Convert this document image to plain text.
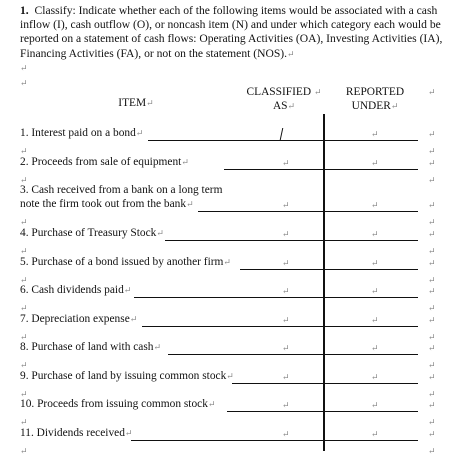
1. Classify: Indicate whether each of the following items would be associated with a cash inflow (I), cash outflow (O), or noncash item (N) and under which category each would be reported on a statement of cash flows: Operating Activities (OA), Investing Activities (IA), Financing Activities (FA), or not on the statement (NOS).↵

↵
↵
ITEM↵
CLASSIFIED ↵
AS↵
REPORTED
UNDER↵
↵
1. Interest paid on a bond↵	↵	↵
↵	↵
2. Proceeds from sale of equipment↵	↵	↵	↵
↵	↵
3. Cash received from a bank on a long term
note the firm took out from the bank↵	↵	↵	↵
↵	↵
4. Purchase of Treasury Stock↵	↵	↵	↵
↵	↵
5. Purchase of a bond issued by another firm↵	↵	↵	↵
↵	↵
6. Cash dividends paid↵	↵	↵	↵
↵	↵
7. Depreciation expense↵	↵	↵	↵
↵	↵
8. Purchase of land with cash↵	↵	↵	↵
↵	↵
9. Purchase of land by issuing common stock↵	↵	↵	↵
↵	↵
10. Proceeds from issuing common stock↵	↵	↵	↵
↵	↵
11. Dividends received↵	↵	↵	↵
↵	↵
